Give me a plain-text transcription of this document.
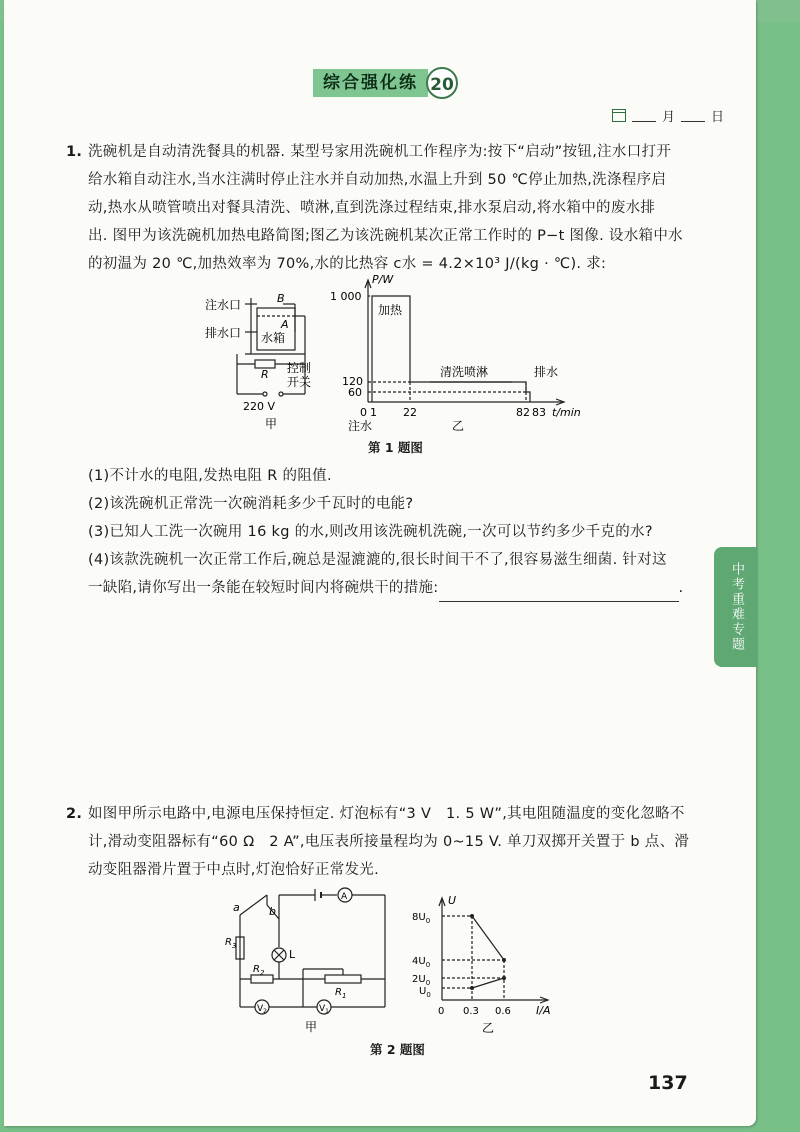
综合强化练 20
月	日
1. 洗碗机是自动清洗餐具的机器. 某型号家用洗碗机工作程序为:按下“启动”按钮,注水口打开
给水箱自动注水,当水注满时停止注水并自动加热,水温上升到 50 ℃停止加热,洗涤程序启
动,热水从喷管喷出对餐具清洗、喷淋,直到洗涤过程结束,排水泵启动,将水箱中的废水排
出. 图甲为该洗碗机加热电路简图;图乙为该洗碗机某次正常工作时的 P−t 图像. 设水箱中水
的初温为 20 ℃,加热效率为 70%,水的比热容 c水 = 4.2×10³ J/(kg · ℃). 求:
注水口
排水口 水箱
B
A
R 控制
开关
220 V
甲
P/W
1 000
120
60
0 1 22	82 83 t/min
加热
清洗喷淋	排水
注水	乙
第 1 题图
(1)不计水的电阻,发热电阻 R 的阻值.
(2)该洗碗机正常洗一次碗消耗多少千瓦时的电能?
(3)已知人工洗一次碗用 16 kg 的水,则改用该洗碗机洗碗,一次可以节约多少千克的水?
(4)该款洗碗机一次正常工作后,碗总是湿漉漉的,很长时间干不了,很容易滋生细菌. 针对这
一缺陷,请你写出一条能在较短时间内将碗烘干的措施:	.
2. 如图甲所示电路中,电源电压保持恒定. 灯泡标有“3 V　1. 5 W”,其电阻随温度的变化忽略不
计,滑动变阻器标有“60 Ω　2 A”,电压表所接量程均为 0~15 V. 单刀双掷开关置于 b 点、滑
动变阻器滑片置于中点时,灯泡恰好正常发光.
a	b
A
$R_3$
L
$R_2$
$R_1$
$V_2$	$V_1$
甲
U
$8U_0$
$4U_0$
$2U_0$
$U_0$
0 0.3 0.6 I/A
乙
第 2 题图
中考重难专题
137
